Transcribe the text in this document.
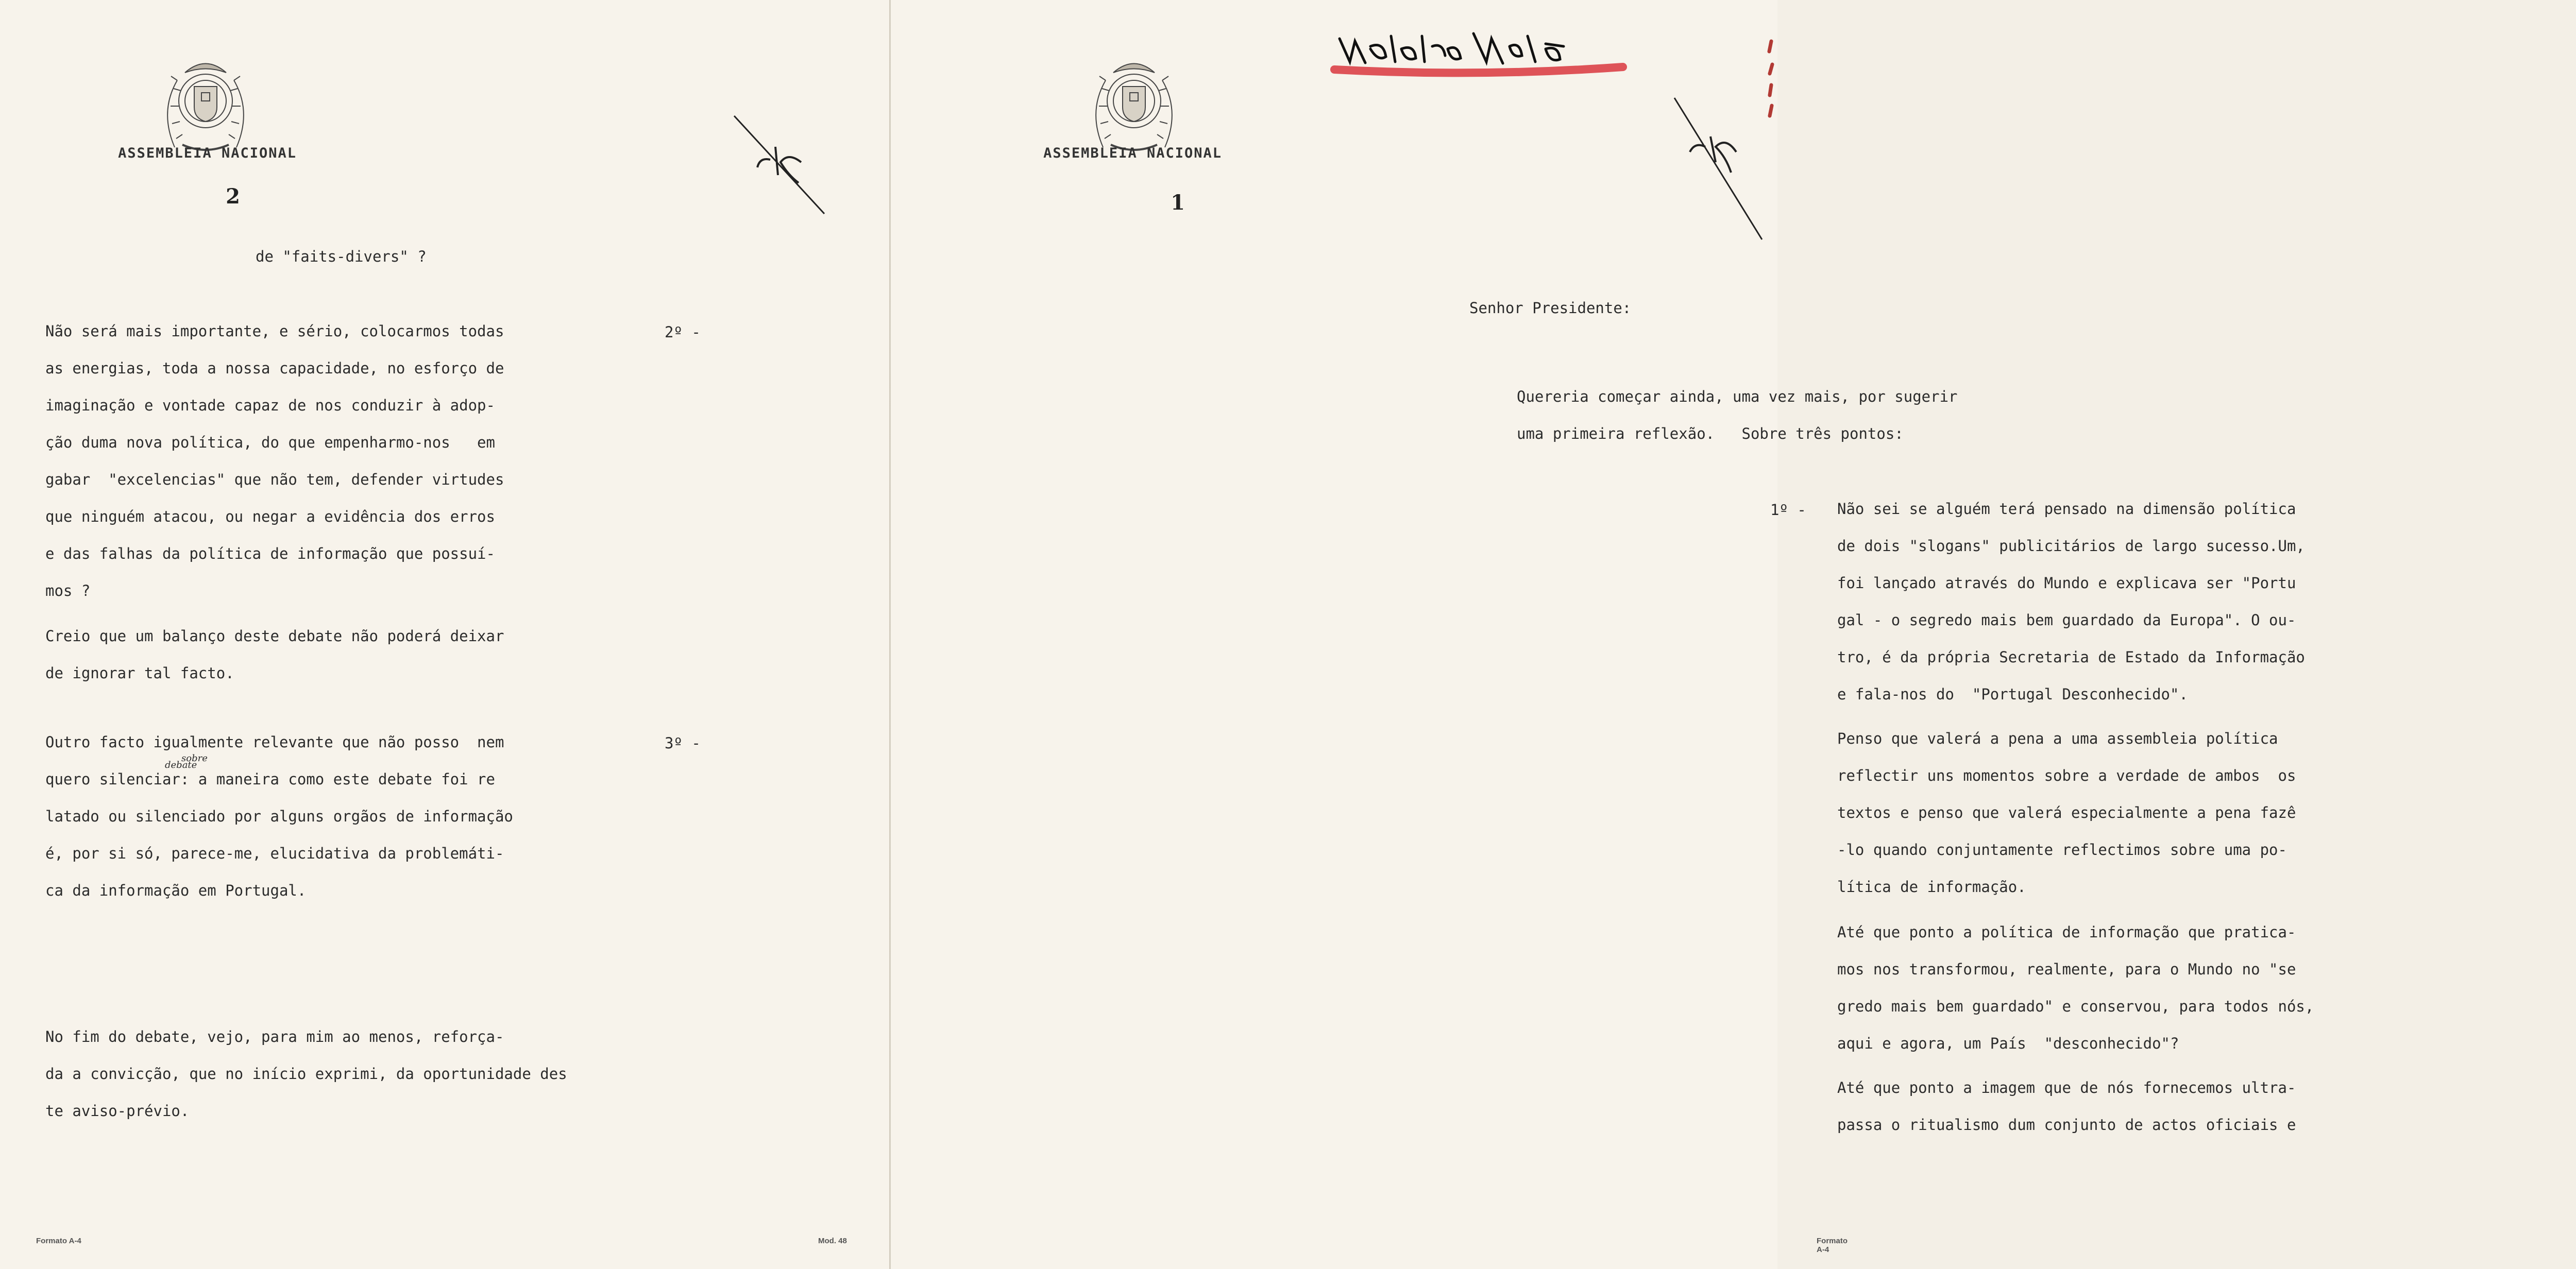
ASSEMBLEIA NACIONAL
1
Senhor Presidente:
Quereria começar ainda, uma vez mais, por sugerir
uma primeira reflexão.   Sobre três pontos:
1º - Não sei se alguém terá pensado na dimensão política
de dois "slogans" publicitários de largo sucesso.Um,
foi lançado através do Mundo e explicava ser "Portu
gal - o segredo mais bem guardado da Europa". O ou-
tro, é da própria Secretaria de Estado da Informação
e fala-nos do  "Portugal Desconhecido".
Penso que valerá a pena a uma assembleia política
reflectir uns momentos sobre a verdade de ambos  os
textos e penso que valerá especialmente a pena fazê
-lo quando conjuntamente reflectimos sobre uma po-
lítica de informação.
Até que ponto a política de informação que pratica-
mos nos transformou, realmente, para o Mundo no "se
gredo mais bem guardado" e conservou, para todos nós,
aqui e agora, um País  "desconhecido"?
Até que ponto a imagem que de nós fornecemos ultra-
passa o ritualismo dum conjunto de actos oficiais e
Formato A-4
ASSEMBLEIA NACIONAL
2
de "faits-divers" ?
2º -
Não será mais importante, e sério, colocarmos todas
as energias, toda a nossa capacidade, no esforço de
imaginação e vontade capaz de nos conduzir à adop-
ção duma nova política, do que empenharmo-nos   em
gabar  "excelencias" que não tem, defender virtudes
que ninguém atacou, ou negar a evidência dos erros
e das falhas da política de informação que possuí-
mos ?
Creio que um balanço deste debate não poderá deixar
de ignorar tal facto.
3º -
Outro facto igualmente relevante que não posso  nem
quero silenciar: a maneira como este debate foi re
latado ou silenciado por alguns orgãos de informação
é, por si só, parece-me, elucidativa da problemáti-
ca da informação em Portugal.
sobre
debate
No fim do debate, vejo, para mim ao menos, reforça-
da a convicção, que no início exprimi, da oportunidade des
te aviso-prévio.
Formato A-4	Mod. 48
